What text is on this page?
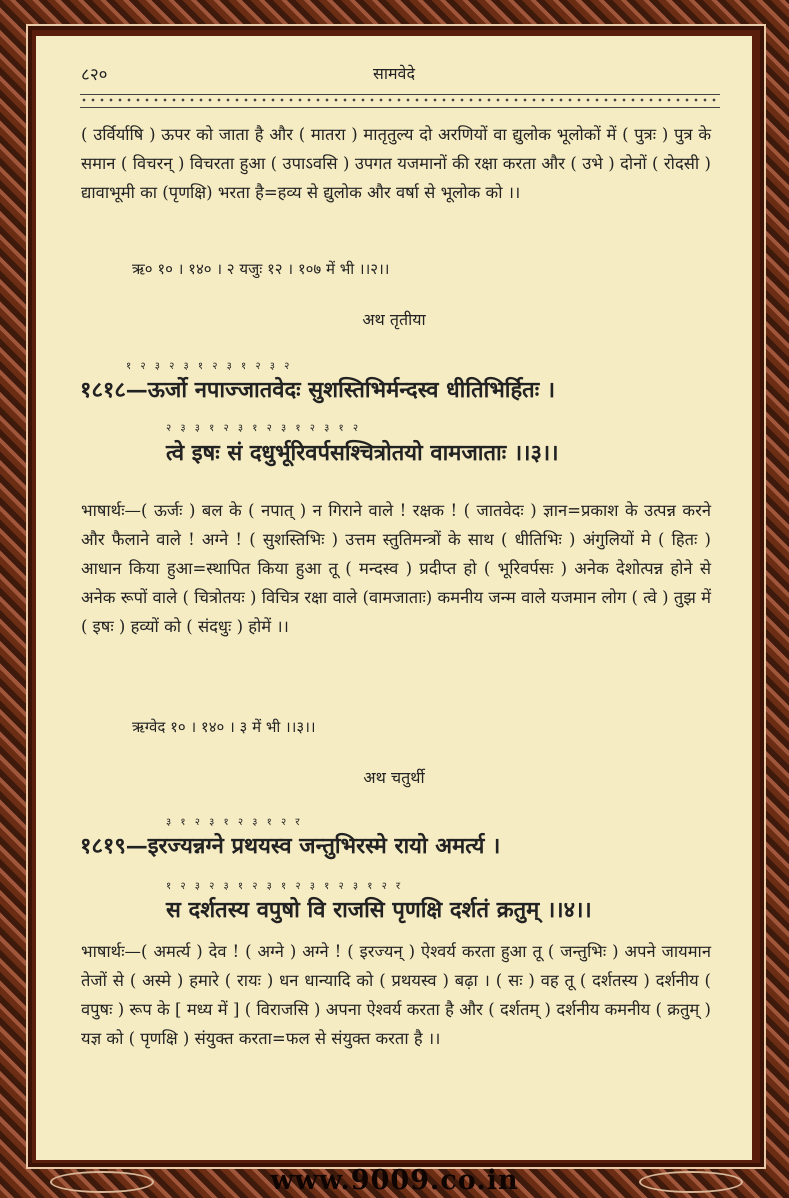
८२०	सामवेदे
( उर्विर्याषि ) ऊपर को जाता है और ( मातरा ) मातृतुल्य दो अरणियों वा द्युलोक भूलोकों में ( पुत्रः ) पुत्र के समान ( विचरन् ) विचरता हुआ ( उपाऽवसि ) उपगत यजमानों की रक्षा करता और ( उभे ) दोनों ( रोदसी ) द्यावाभूमी का (पृणक्षि) भरता है=हव्य से द्युलोक और वर्षा से भूलोक को ।।
ऋ० १० । १४० । २ यजुः १२ । १०७ में भी ।।२।।
अथ तृतीया
१ २ ३ २ ३ १ २ ३ १ २ ३ २
१८१८—ऊर्जो नपाज्जातवेदः सुशस्तिभिर्मन्दस्व धीतिभिर्हितः ।
२ ३ ३ १ २ ३ १ २ ३ १ २ ३ १ २
त्वे इषः सं दधुर्भूरिवर्पसश्चित्रोतयो वामजाताः ।।३।।
भाषार्थः—( ऊर्जः ) बल के ( नपात् ) न गिराने वाले ! रक्षक ! ( जातवेदः ) ज्ञान=प्रकाश के उत्पन्न करने और फैलाने वाले ! अग्ने ! ( सुशस्तिभिः ) उत्तम स्तुतिमन्त्रों के साथ ( धीतिभिः ) अंगुलियों मे ( हितः ) आधान किया हुआ=स्थापित किया हुआ तू ( मन्दस्व ) प्रदीप्त हो ( भूरिवर्पसः ) अनेक देशोत्पन्न होने से अनेक रूपों वाले ( चित्रोतयः ) विचित्र रक्षा वाले (वामजाताः) कमनीय जन्म वाले यजमान लोग ( त्वे ) तुझ में ( इषः ) हव्यों को ( संदधुः ) होमें ।।
ऋग्वेद १० । १४० । ३ में भी ।।३।।
अथ चतुर्थी
३ १ २ ३ १ २ ३ १ २ र
१८१९—इरज्यन्नग्ने प्रथयस्व जन्तुभिरस्मे रायो अमर्त्य ।
१ २ ३ २ ३ १ २ ३ १ २ ३ १ २ ३ १ २ र
स दर्शतस्य वपुषो वि राजसि पृणक्षि दर्शतं क्रतुम् ।।४।।
भाषार्थः—( अमर्त्य ) देव ! ( अग्ने ) अग्ने ! ( इरज्यन् ) ऐश्वर्य करता हुआ तू ( जन्तुभिः ) अपने जायमान तेजों से ( अस्मे ) हमारे ( रायः ) धन धान्यादि को ( प्रथयस्व ) बढ़ा । ( सः ) वह तू ( दर्शतस्य ) दर्शनीय ( वपुषः ) रूप के [ मध्य में ] ( विराजसि ) अपना ऐश्वर्य करता है और ( दर्शतम् ) दर्शनीय कमनीय ( क्रतुम् ) यज्ञ को ( पृणक्षि ) संयुक्त करता=फल से संयुक्त करता है ।।
www.9009.co.in
